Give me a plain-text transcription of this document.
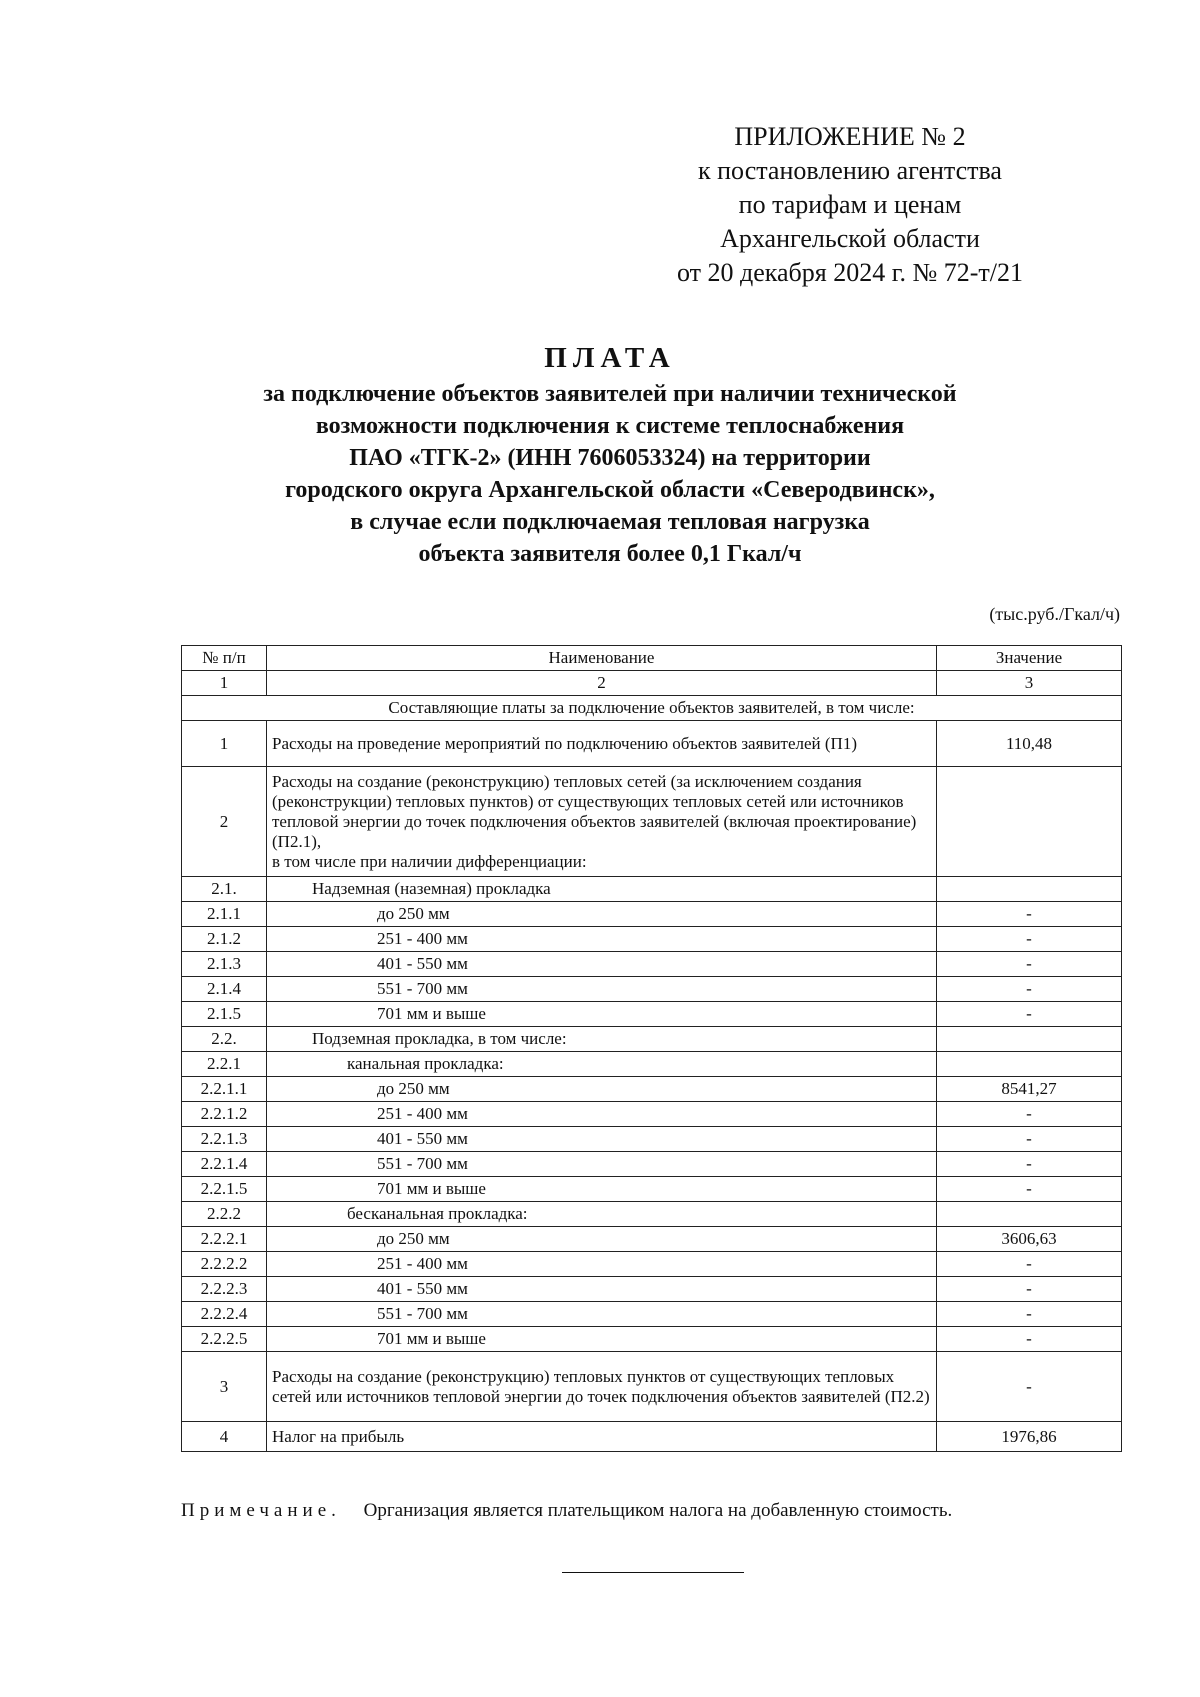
ПРИЛОЖЕНИЕ № 2
к постановлению агентства
по тарифам и ценам
Архангельской области
от 20 декабря 2024 г. № 72-т/21
ПЛАТА
за подключение объектов заявителей при наличии технической
возможности подключения к системе теплоснабжения
ПАО «ТГК-2» (ИНН 7606053324) на территории
городского округа Архангельской области «Северодвинск»,
в случае если подключаемая тепловая нагрузка
объекта заявителя более 0,1 Гкал/ч
(тыс.руб./Гкал/ч)
№ п/п	Наименование	Значение
1	2	3
Составляющие платы за подключение объектов заявителей, в том числе:		
1	Расходы на проведение мероприятий по подключению объектов заявителей (П1)	110,48
2	Расходы на создание (реконструкцию) тепловых сетей (за исключением создания (реконструкции) тепловых пунктов) от существующих тепловых сетей или источников тепловой энергии до точек подключения объектов заявителей (включая проектирование) (П2.1),
в том числе при наличии дифференциации:	
2.1.	Надземная (наземная) прокладка	
2.1.1	до 250 мм	-
2.1.2	251 - 400 мм	-
2.1.3	401 - 550 мм	-
2.1.4	551 - 700 мм	-
2.1.5	701 мм и выше	-
2.2.	Подземная прокладка, в том числе:	
2.2.1	канальная прокладка:	
2.2.1.1	до 250 мм	8541,27
2.2.1.2	251 - 400 мм	-
2.2.1.3	401 - 550 мм	-
2.2.1.4	551 - 700 мм	-
2.2.1.5	701 мм и выше	-
2.2.2	бесканальная прокладка:	
2.2.2.1	до 250 мм	3606,63
2.2.2.2	251 - 400 мм	-
2.2.2.3	401 - 550 мм	-
2.2.2.4	551 - 700 мм	-
2.2.2.5	701 мм и выше	-
3	Расходы на создание (реконструкцию) тепловых пунктов от существующих тепловых сетей или источников тепловой энергии до точек подключения объектов заявителей (П2.2)	-
4	Налог на прибыль	1976,86
Примечание. Организация является плательщиком налога на добавленную стоимость.
